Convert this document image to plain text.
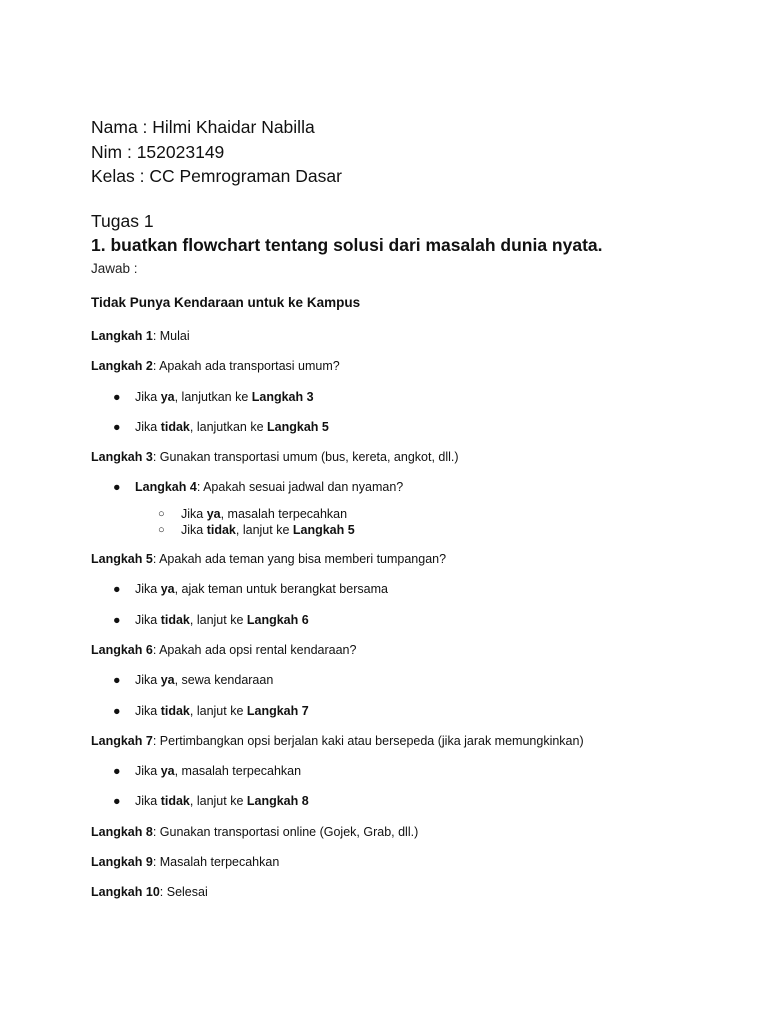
Nama : Hilmi Khaidar Nabilla
Nim : 152023149
Kelas : CC Pemrograman Dasar
Tugas 1
1. buatkan flowchart tentang solusi dari masalah dunia nyata.
Jawab :
Tidak Punya Kendaraan untuk ke Kampus
Langkah 1: Mulai
Langkah 2: Apakah ada transportasi umum?
● Jika ya, lanjutkan ke Langkah 3
● Jika tidak, lanjutkan ke Langkah 5
Langkah 3: Gunakan transportasi umum (bus, kereta, angkot, dll.)
● Langkah 4: Apakah sesuai jadwal dan nyaman?
○ Jika ya, masalah terpecahkan
○ Jika tidak, lanjut ke Langkah 5
Langkah 5: Apakah ada teman yang bisa memberi tumpangan?
● Jika ya, ajak teman untuk berangkat bersama
● Jika tidak, lanjut ke Langkah 6
Langkah 6: Apakah ada opsi rental kendaraan?
● Jika ya, sewa kendaraan
● Jika tidak, lanjut ke Langkah 7
Langkah 7: Pertimbangkan opsi berjalan kaki atau bersepeda (jika jarak memungkinkan)
● Jika ya, masalah terpecahkan
● Jika tidak, lanjut ke Langkah 8
Langkah 8: Gunakan transportasi online (Gojek, Grab, dll.)
Langkah 9: Masalah terpecahkan
Langkah 10: Selesai
